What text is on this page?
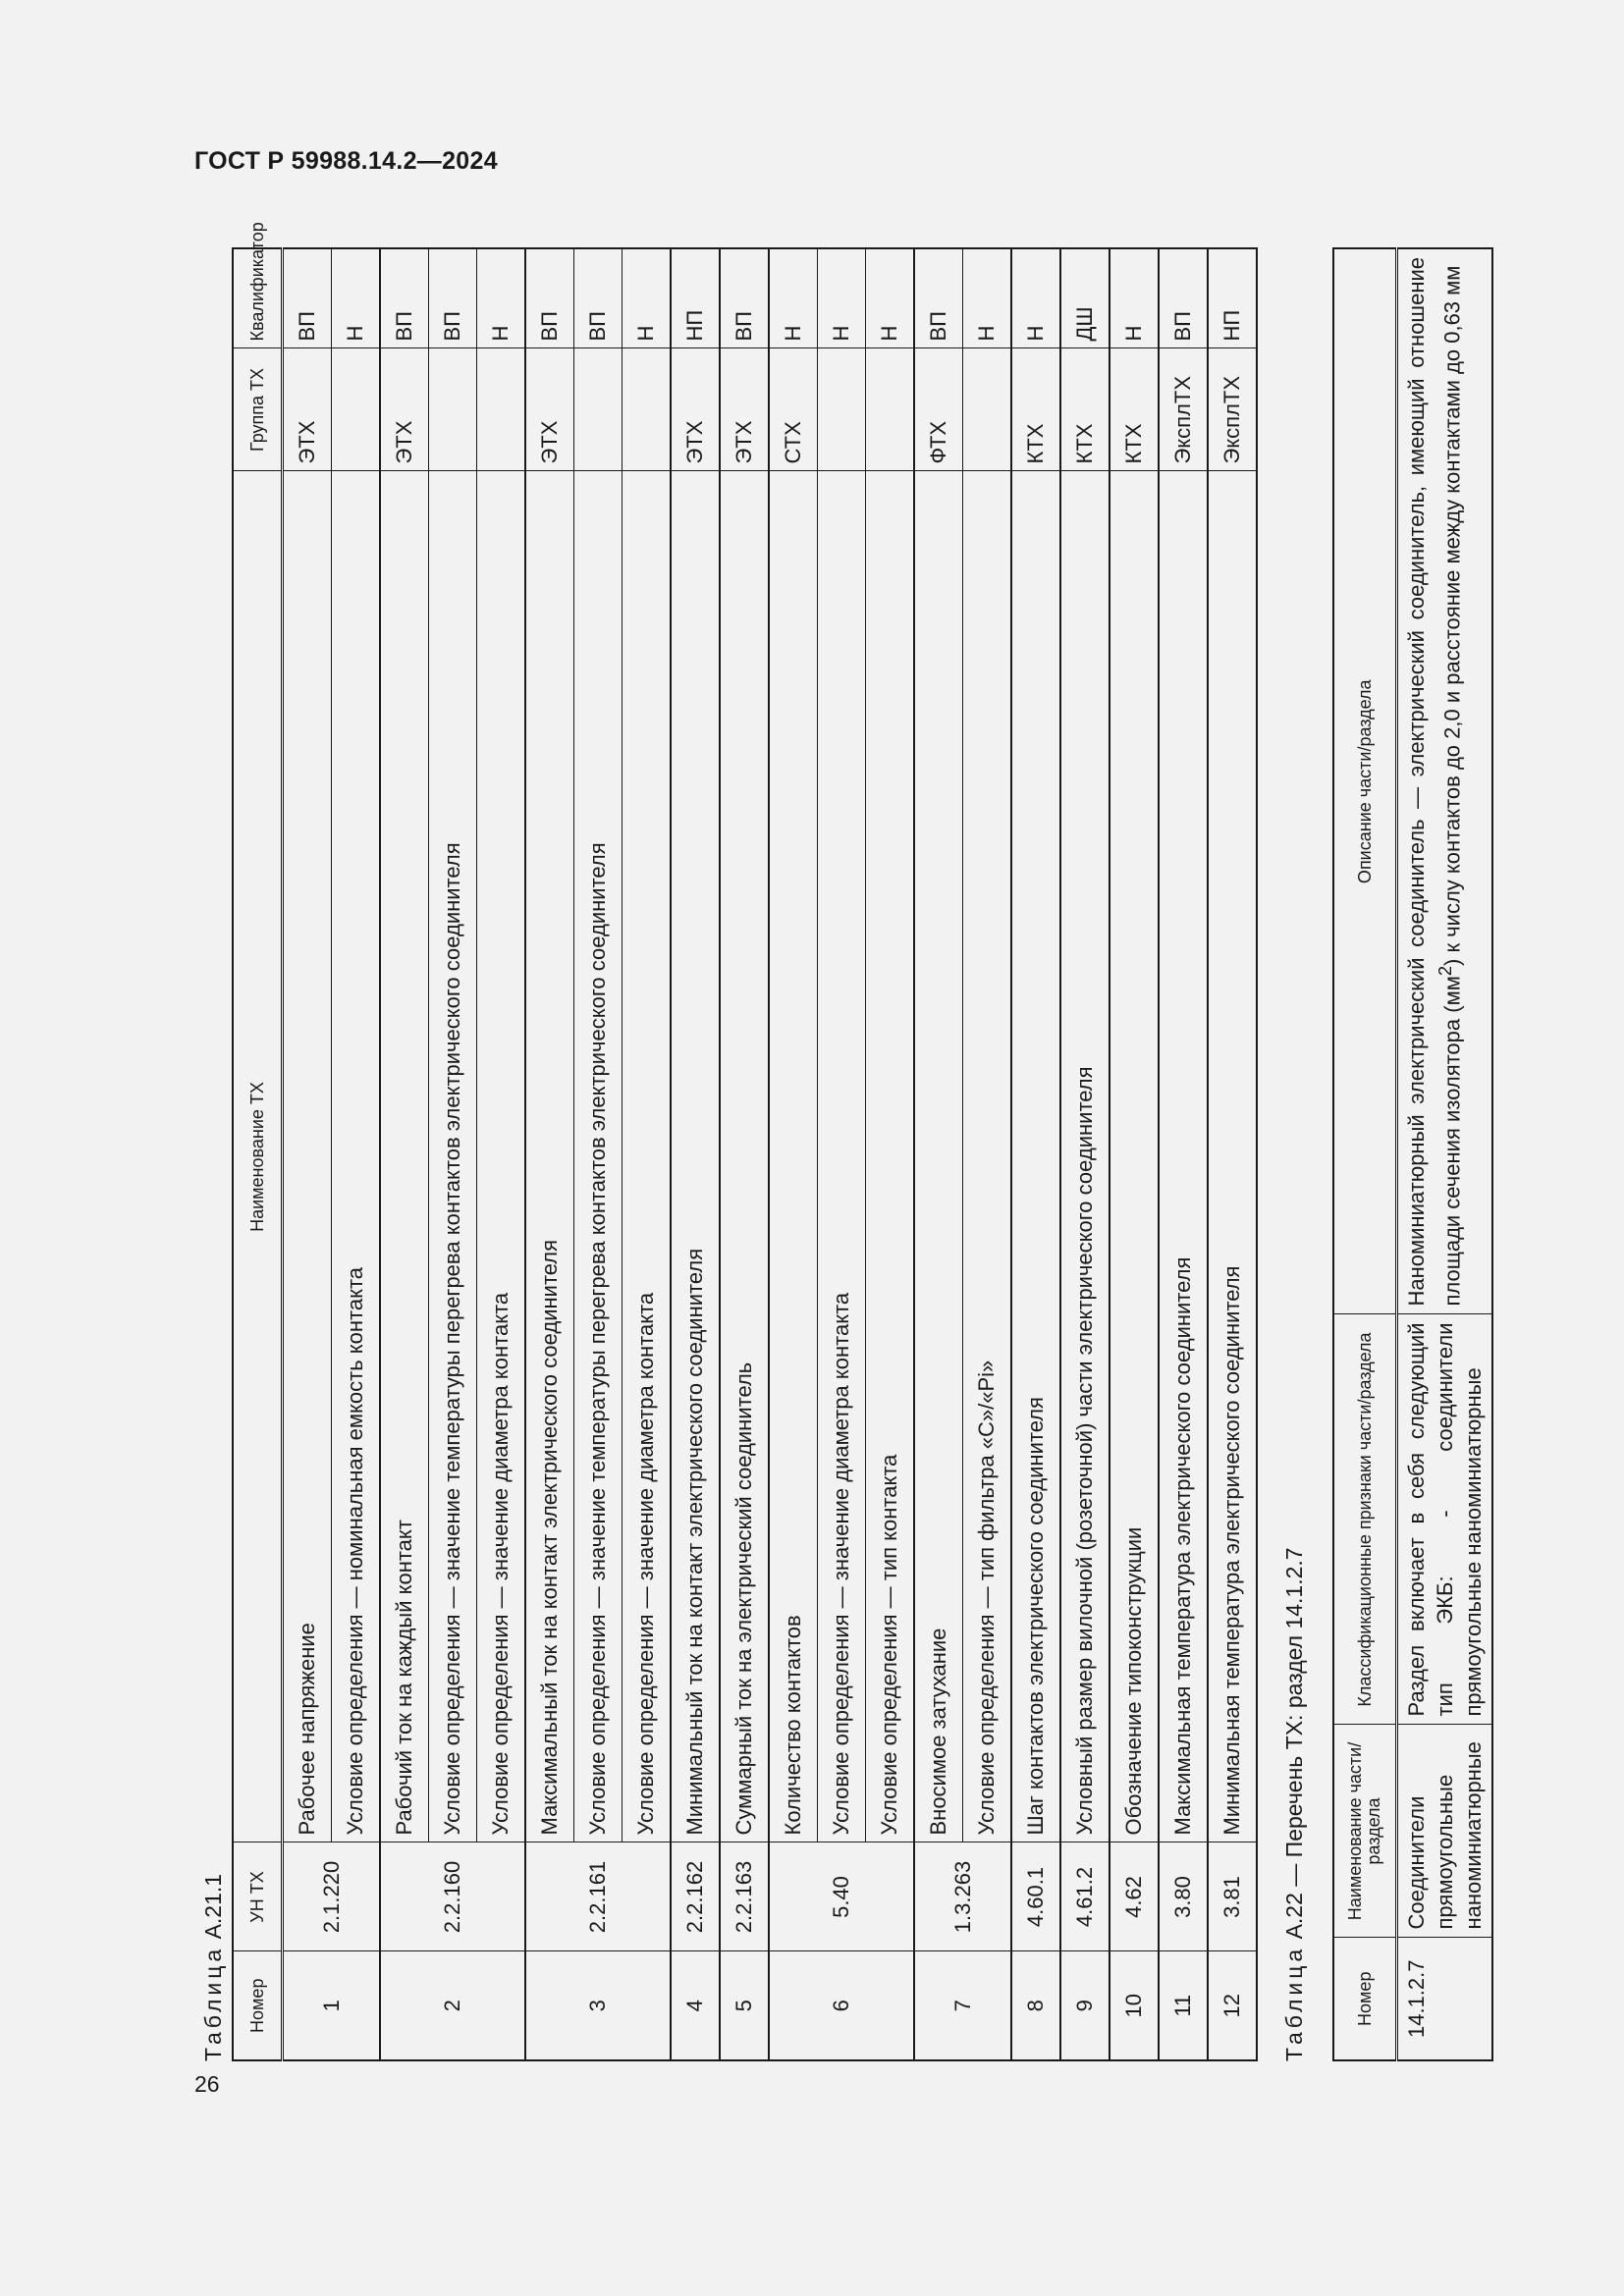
ГОСТ Р 59988.14.2—2024
26
Таблица А.21.1
Номер	УН ТХ	Наименование ТХ	Группа ТХ	Квалификатор
1	2.1.220	Рабочее напряжение	ЭТХ	ВП
		Условие определения — номинальная емкость контакта		Н
2	2.2.160	Рабочий ток на каждый контакт	ЭТХ	ВП
		Условие определения — значение температуры перегрева контактов электрического соединителя		ВП
		Условие определения — значение диаметра контакта		Н
3	2.2.161	Максимальный ток на контакт электрического соединителя	ЭТХ	ВП
		Условие определения — значение температуры перегрева контактов электрического соединителя		ВП
		Условие определения — значение диаметра контакта		Н
4	2.2.162	Минимальный ток на контакт электрического соединителя	ЭТХ	НП
5	2.2.163	Суммарный ток на электрический соединитель	ЭТХ	ВП
6	5.40	Количество контактов	СТХ	Н
		Условие определения — значение диаметра контакта		Н
		Условие определения — тип контакта		Н
7	1.3.263	Вносимое затухание	ФТХ	ВП
		Условие определения — тип фильтра «C»/«Pi»		Н
8	4.60.1	Шаг контактов электрического соединителя	КТХ	Н
9	4.61.2	Условный размер вилочной (розеточной) части электрического соединителя	КТХ	ДШ
10	4.62	Обозначение типоконструкции	КТХ	Н
11	3.80	Максимальная температура электрического соединителя	ЭксплТХ	ВП
12	3.81	Минимальная температура электрического соединителя	ЭксплТХ	НП
Таблица А.22 — Перечень ТХ: раздел 14.1.2.7
Номер	Наименование части/раздела	Классификационные признаки части/раздела	Описание части/раздела
14.1.2.7	Соединители прямоугольные наноминиатюрные	Раздел включает в себя следующий тип ЭКБ: - соединители прямоугольные наноминиатюрные	Наноминиатюрный электрический соединитель — электрический соединитель, имеющий отношение площади сечения изолятора $(мм^2)$ к числу контактов до 2,0 и расстояние между контактами до 0,63 мм
